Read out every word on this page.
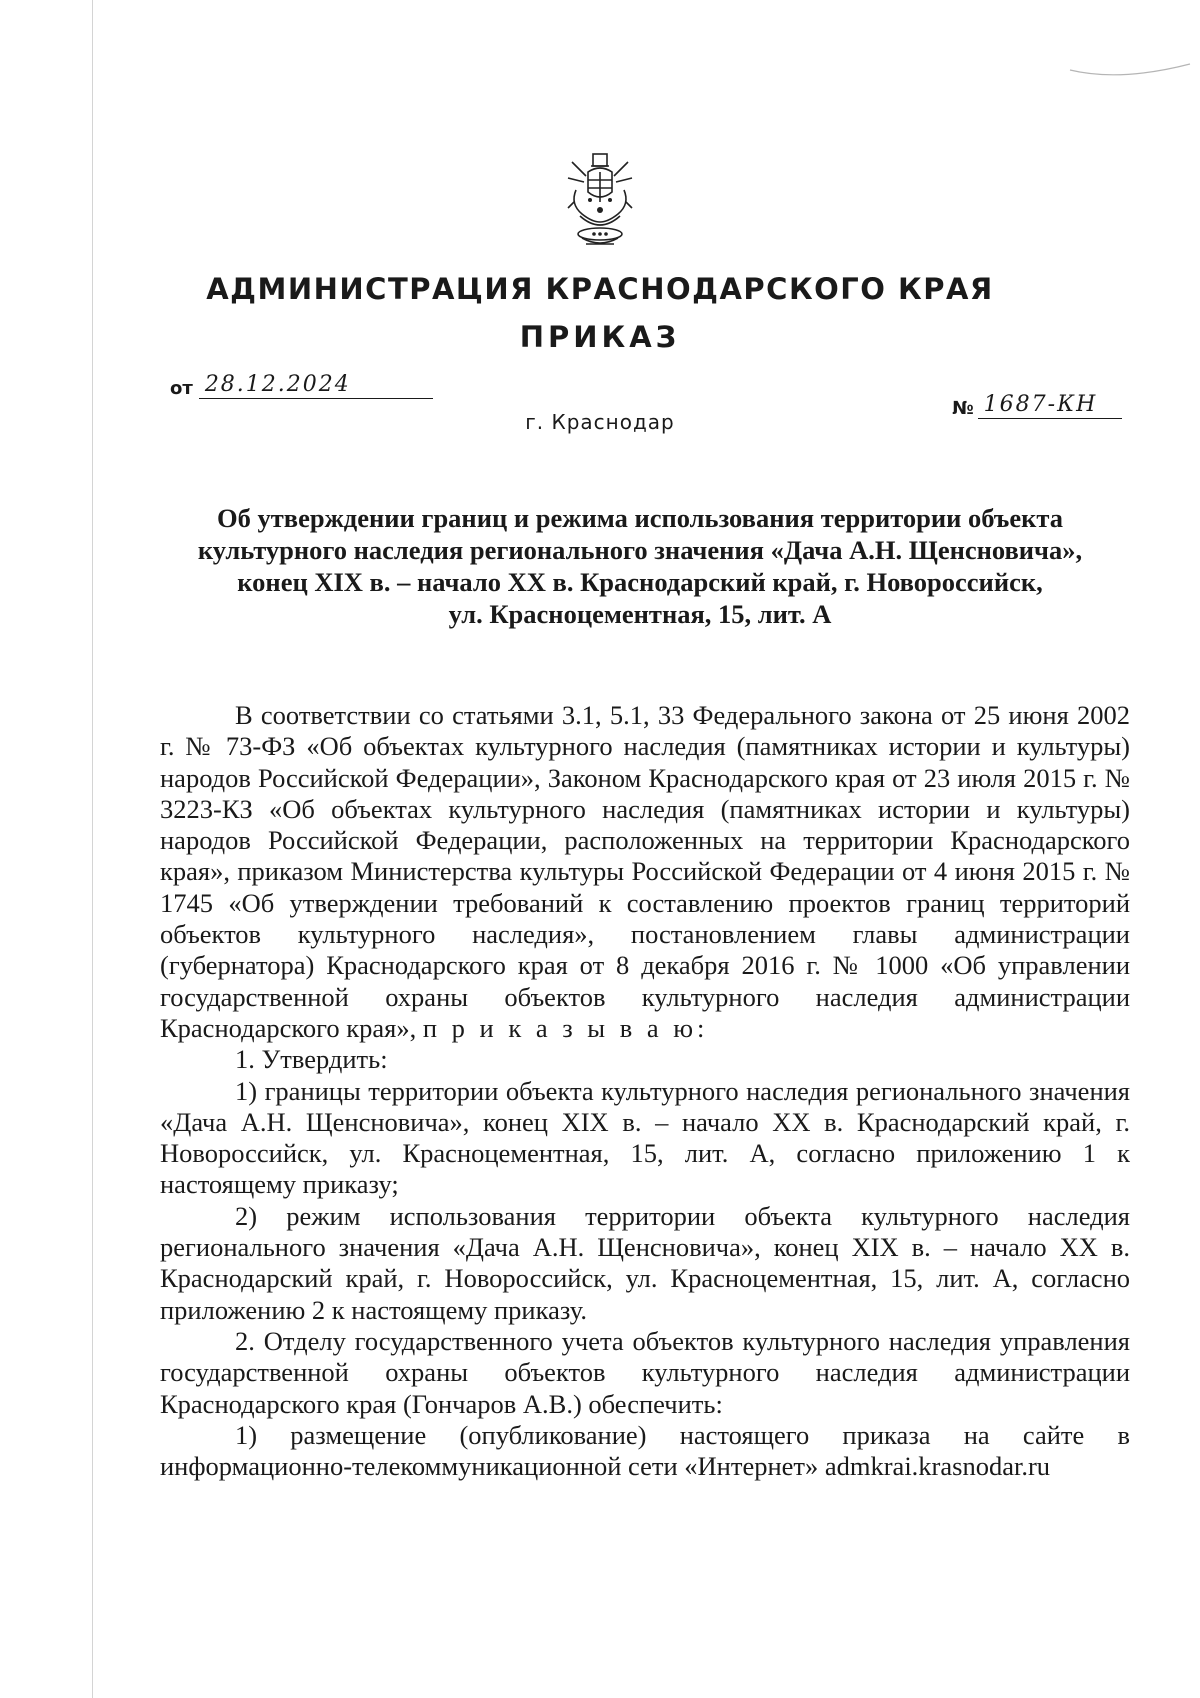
АДМИНИСТРАЦИЯ КРАСНОДАРСКОГО КРАЯ
ПРИКАЗ
от 28.12.2024
№ 1687-КН
г. Краснодар
Об утверждении границ и режима использования территории объекта
культурного наследия регионального значения «Дача А.Н. Щенсновича»,
конец XIX в. – начало XX в. Краснодарский край, г. Новороссийск,
ул. Красноцементная, 15, лит. А

В соответствии со статьями 3.1, 5.1, 33 Федерального закона от 25 июня 2002 г. № 73-ФЗ «Об объектах культурного наследия (памятниках истории и культуры) народов Российской Федерации», Законом Краснодарского края от 23 июля 2015 г. № 3223-КЗ «Об объектах культурного наследия (памятниках истории и культуры) народов Российской Федерации, расположенных на территории Краснодарского края», приказом Министерства культуры Российской Федерации от 4 июня 2015 г. № 1745 «Об утверждении требований к составлению проектов границ территорий объектов культурного наследия», постановлением главы администрации (губернатора) Краснодарского края от 8 декабря 2016 г. № 1000 «Об управлении государственной охраны объектов культурного наследия администрации Краснодарского края», п р и к а з ы в а ю:

1. Утвердить:

1) границы территории объекта культурного наследия регионального значения «Дача А.Н. Щенсновича», конец XIX в. – начало XX в. Краснодарский край, г. Новороссийск, ул. Красноцементная, 15, лит. А, согласно приложению 1 к настоящему приказу;

2) режим использования территории объекта культурного наследия регионального значения «Дача А.Н. Щенсновича», конец XIX в. – начало XX в. Краснодарский край, г. Новороссийск, ул. Красноцементная, 15, лит. А, согласно приложению 2 к настоящему приказу.

2. Отделу государственного учета объектов культурного наследия управления государственной охраны объектов культурного наследия администрации Краснодарского края (Гончаров А.В.) обеспечить:

1) размещение (опубликование) настоящего приказа на сайте в информационно-телекоммуникационной сети «Интернет» admkrai.krasnodar.ru
